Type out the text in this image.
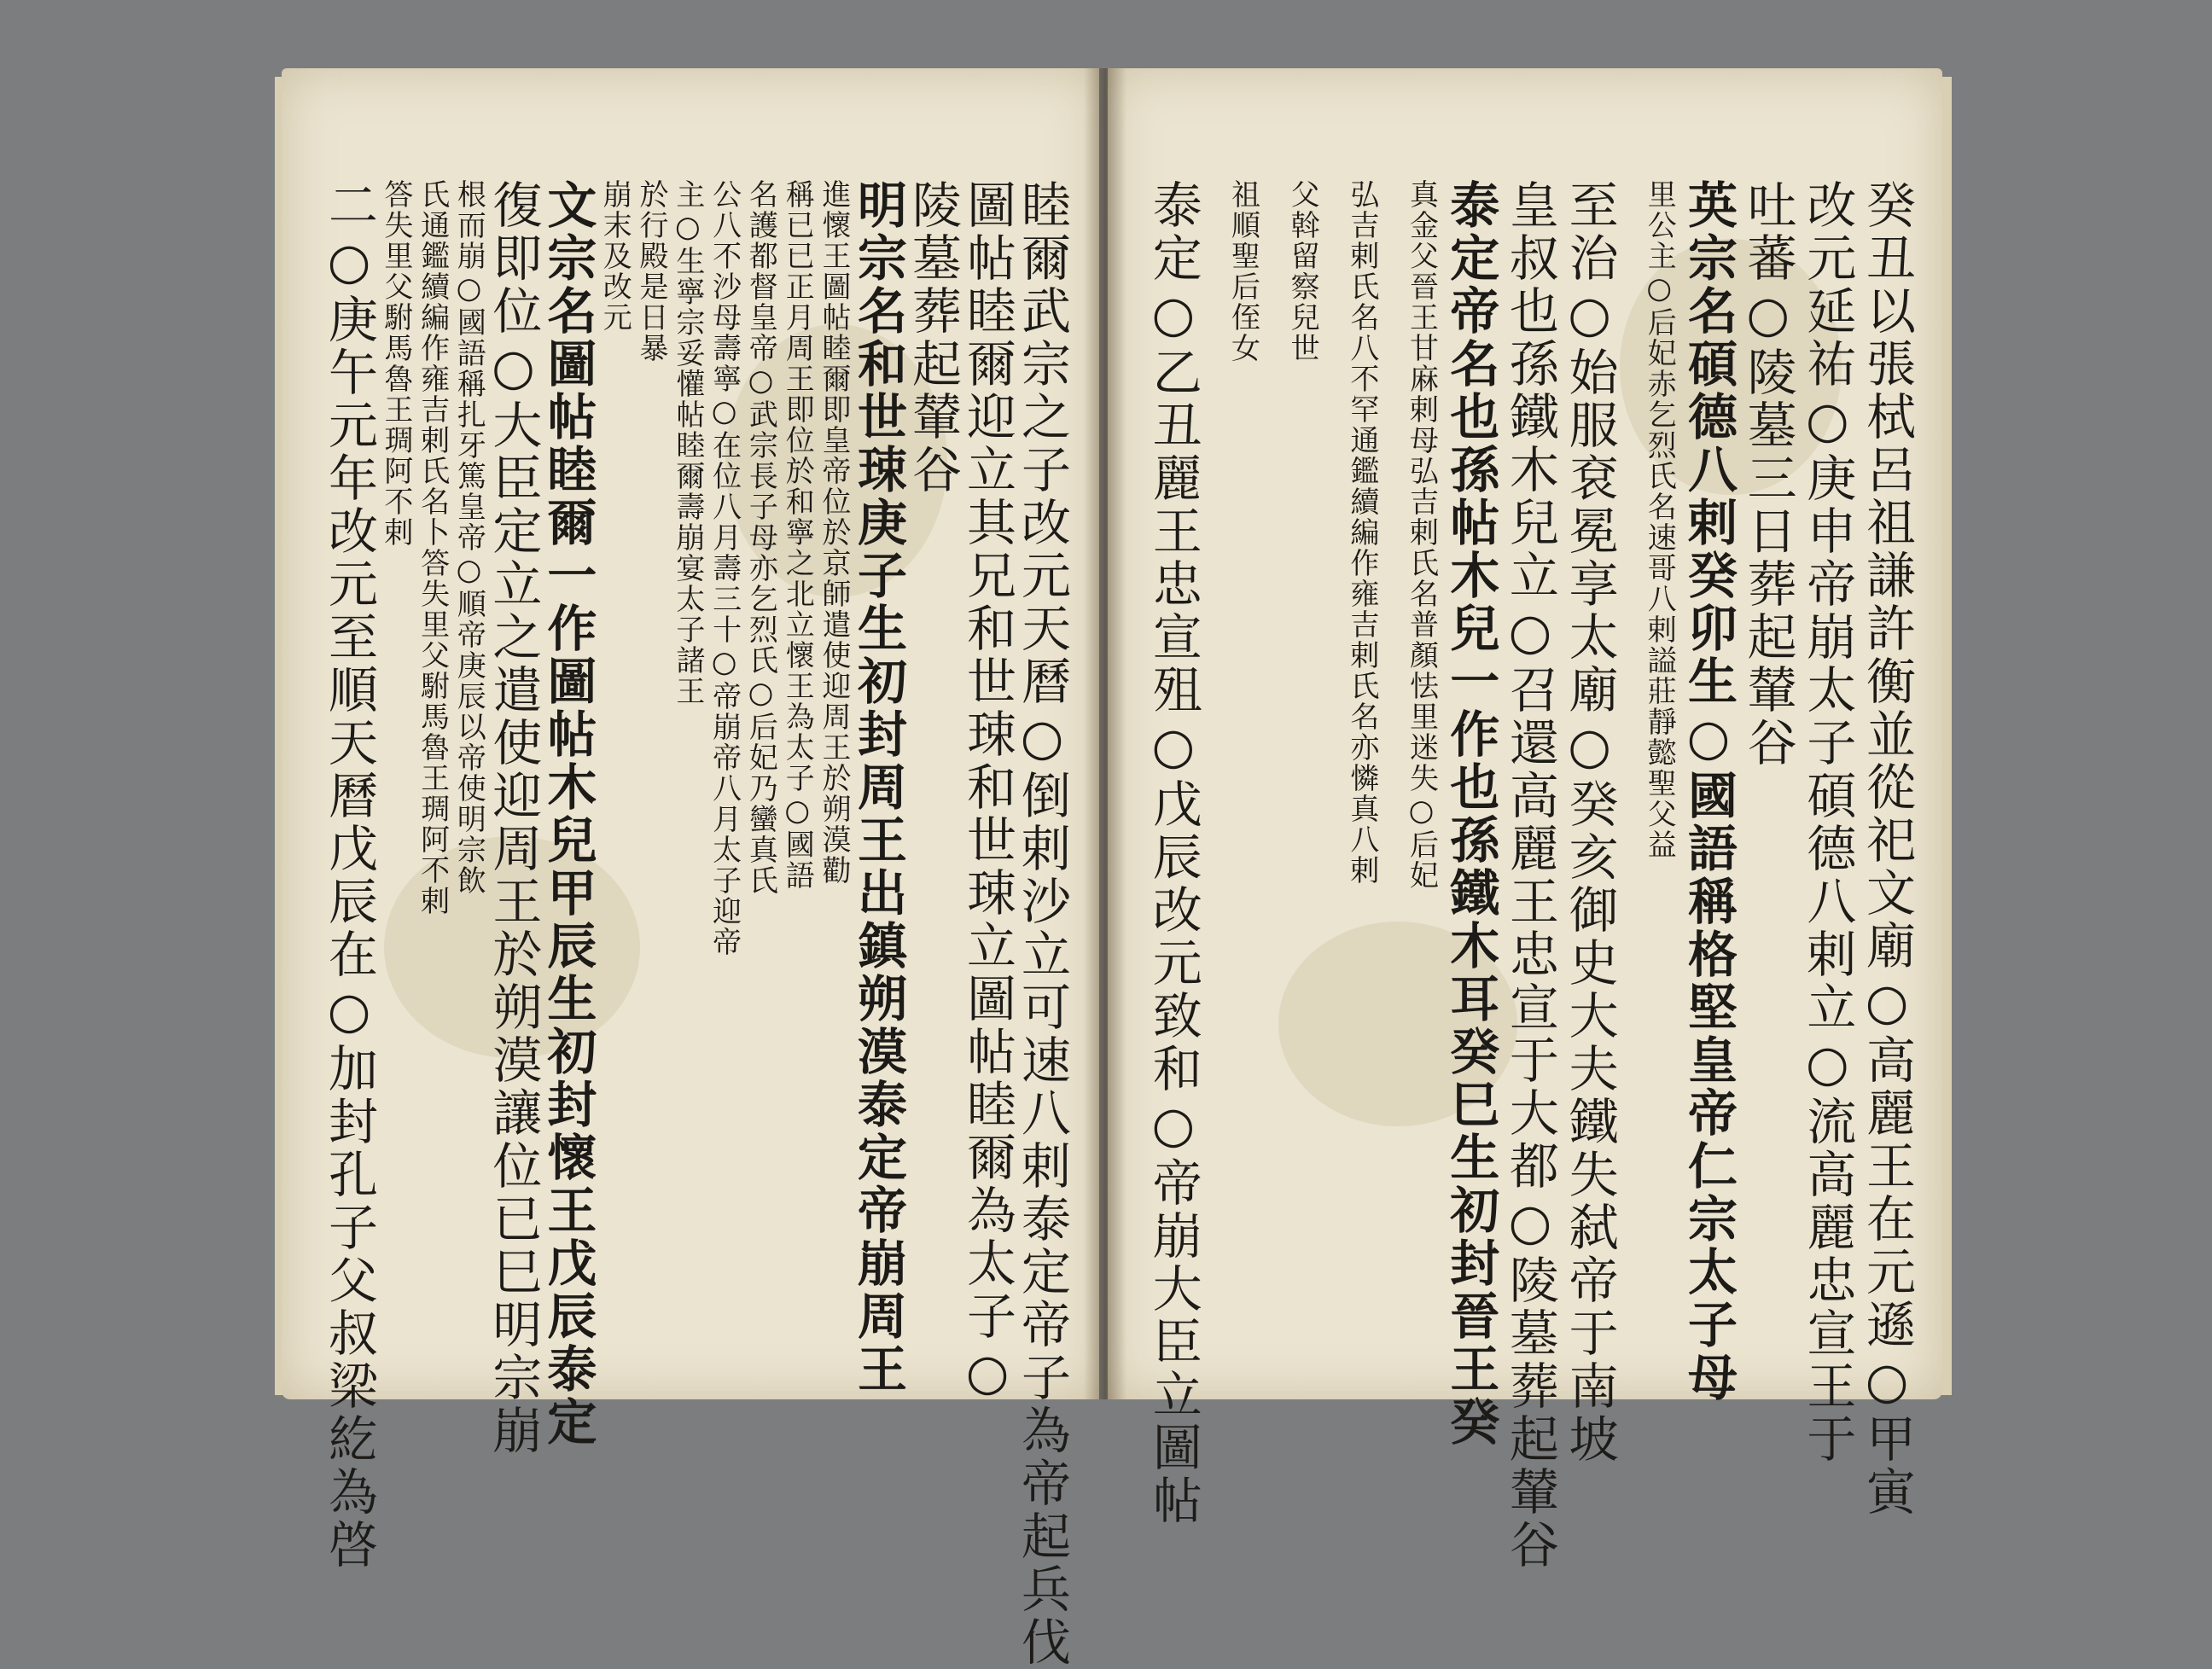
睦爾武宗之子改元天曆○倒剌沙立可速八剌泰定帝子為帝起兵伐
圖帖睦爾迎立其兄和世㻋和世㻋立圖帖睦爾為太子○
陵墓葬起輦谷
明宗名和世㻋庚子生初封周王出鎮朔漠泰定帝崩周王
進懷王圖帖睦爾即皇帝位於京師遣使迎周王於朔漠勸
稱已已正月周王即位於和寧之北立懷王為太子○國語
名護都督皇帝○武宗長子母亦乞烈氏○后妃乃蠻真氏
公八不沙母壽寧○在位八月壽三十○帝崩帝八月太子迎帝
主○生寧宗妥懽帖睦爾壽崩宴太子諸王
於行殿是日暴
崩末及改元
文宗名圖帖睦爾一作圖帖木兒甲辰生初封懷王戊辰泰定
復即位○大臣定立之遣使迎周王於朔漠讓位已巳明宗崩
根而崩○國語稱扎牙篤皇帝○順帝庚辰以帝使明宗飲
氏通鑑續編作雍吉剌氏名卜答失里父駙馬魯王琱阿不剌
答失里父駙馬魯王琱阿不剌
二○庚午元年改元至順天曆戊辰在○加封孔子父叔梁紇為啓	癸丑以張栻呂祖謙許衡並從祀文廟○高麗王在元遜○甲寅
改元延祐○庚申帝崩太子碩德八剌立○流高麗忠宣王于
吐蕃○陵墓三日葬起輦谷
英宗名碩德八剌癸卯生○國語稱格堅皇帝仁宗太子母
里公主○后妃赤乞烈氏名速哥八剌謚莊靜懿聖父益
至治○始服袞冕享太廟○癸亥御史大夫鐵失弑帝于南坡
皇叔也孫鐵木兒立○召還高麗王忠宣于大都○陵墓葬起輦谷
泰定帝名也孫帖木兒一作也孫鐵木耳癸巳生初封晉王癸
真金父晉王甘麻剌母弘吉剌氏名普顏怯里迷失○后妃
弘吉剌氏名八不罕通鑑續編作雍吉剌氏名亦憐真八剌
父斡留察兒世
祖順聖后侄女
泰定○乙丑麗王忠宣殂○戊辰改元致和○帝崩大臣立圖帖
